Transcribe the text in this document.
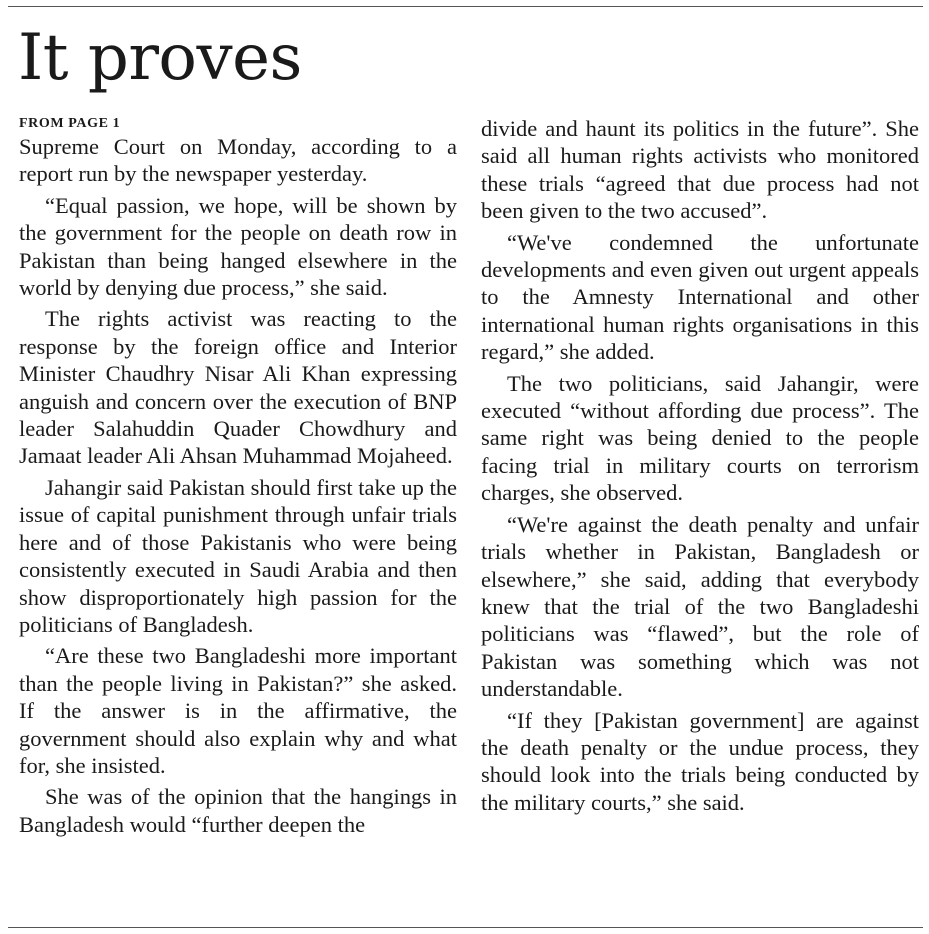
It proves
FROM PAGE 1

Supreme Court on Monday, according to a report run by the newspaper yesterday.

“Equal passion, we hope, will be shown by the government for the people on death row in Pakistan than being hanged elsewhere in the world by denying due process,” she said.

The rights activist was reacting to the response by the foreign office and Interior Minister Chaudhry Nisar Ali Khan expressing anguish and concern over the execution of BNP leader Salahuddin Quader Chowdhury and Jamaat leader Ali Ahsan Muhammad Mojaheed.

Jahangir said Pakistan should first take up the issue of capital punishment through unfair trials here and of those Pakistanis who were being consistently executed in Saudi Arabia and then show disproportionately high passion for the politicians of Bangladesh.

“Are these two Bangladeshi more important than the people living in Pakistan?” she asked. If the answer is in the affirmative, the government should also explain why and what for, she insisted.

She was of the opinion that the hangings in Bangladesh would “further deepen the

divide and haunt its politics in the future”. She said all human rights activists who monitored these trials “agreed that due process had not been given to the two accused”.

“We've condemned the unfortunate developments and even given out urgent appeals to the Amnesty International and other international human rights organisations in this regard,” she added.

The two politicians, said Jahangir, were executed “without affording due process”. The same right was being denied to the people facing trial in military courts on terrorism charges, she observed.

“We're against the death penalty and unfair trials whether in Pakistan, Bangladesh or elsewhere,” she said, adding that everybody knew that the trial of the two Bangladeshi politicians was “flawed”, but the role of Pakistan was something which was not understandable.

“If they [Pakistan government] are against the death penalty or the undue process, they should look into the trials being conducted by the military courts,” she said.
